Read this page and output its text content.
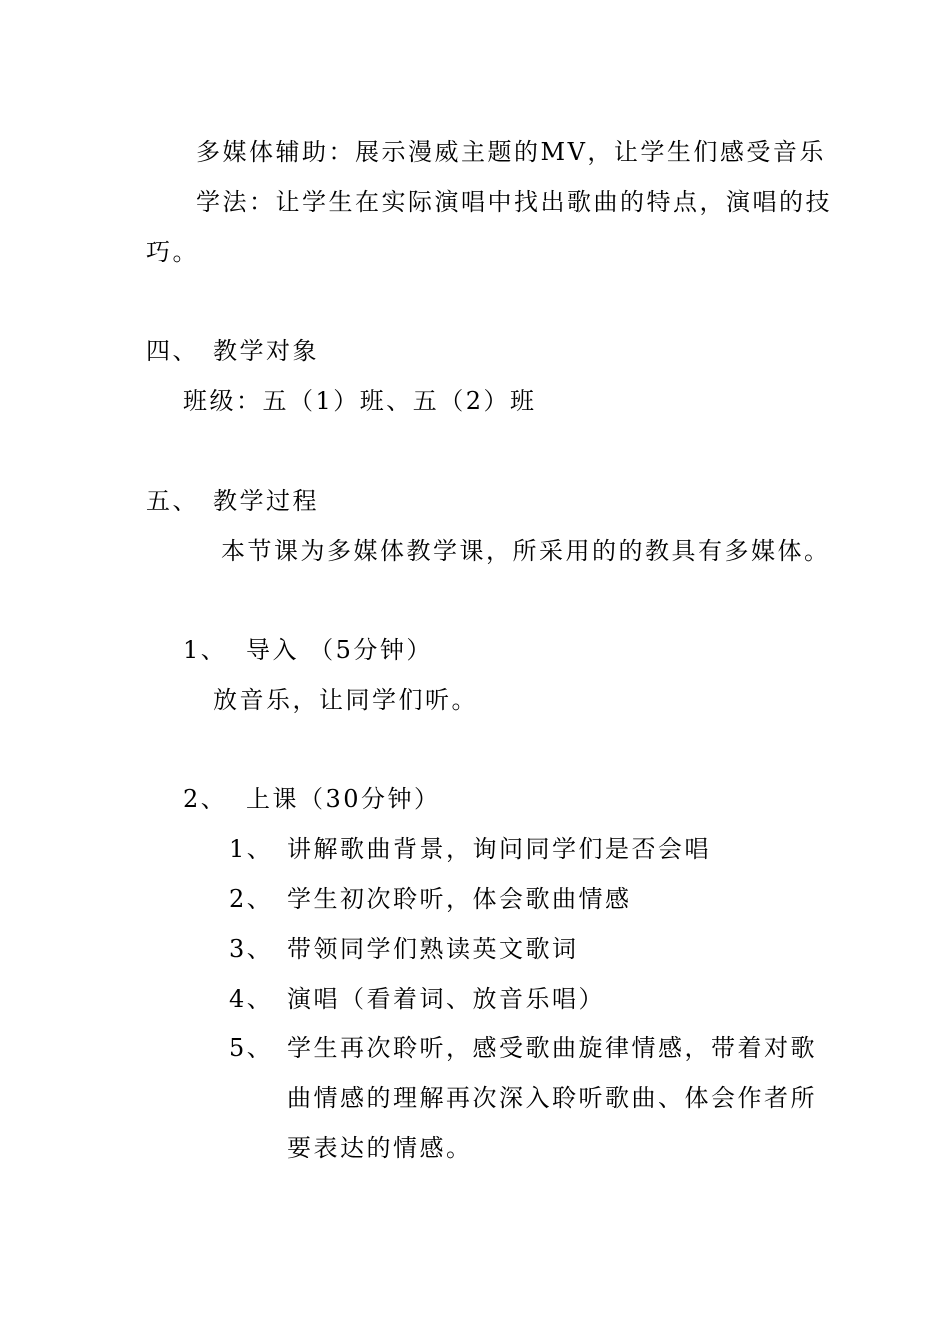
多媒体辅助：展示漫威主题的MV，让学生们感受音乐
学法：让学生在实际演唱中找出歌曲的特点，演唱的技
巧。
四、 教学对象
班级：五（1）班、五（2）班
五、 教学过程
本节课为多媒体教学课，所采用的的教具有多媒体。
1、 导入 （5分钟）
放音乐，让同学们听。
2、 上课（30分钟）
1、 讲解歌曲背景，询问同学们是否会唱
2、 学生初次聆听，体会歌曲情感
3、 带领同学们熟读英文歌词
4、 演唱（看着词、放音乐唱）
5、 学生再次聆听，感受歌曲旋律情感，带着对歌
曲情感的理解再次深入聆听歌曲、体会作者所
要表达的情感。
